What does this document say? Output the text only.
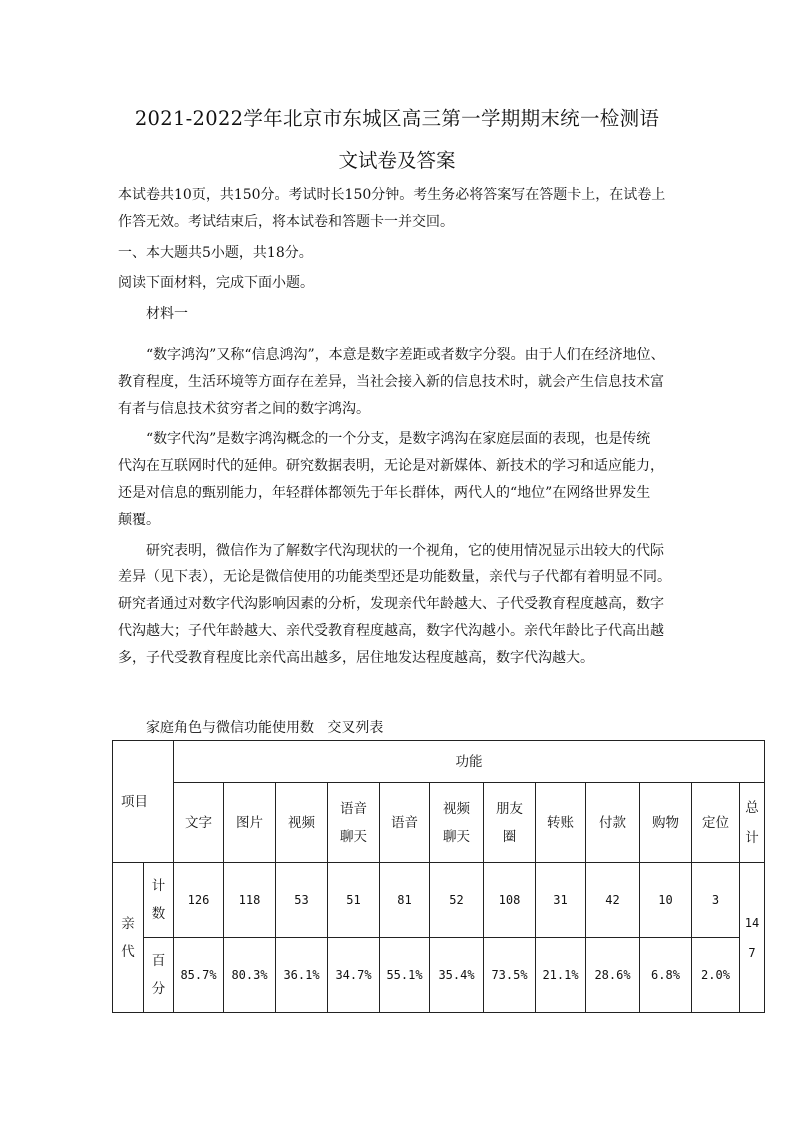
2021-2022学年北京市东城区高三第一学期期末统一检测语
文试卷及答案

本试卷共10页，共150分。考试时长150分钟。考生务必将答案写在答题卡上，在试卷上

作答无效。考试结束后，将本试卷和答题卡一并交回。

一、本大题共5小题，共18分。

阅读下面材料，完成下面小题。

材料一

“数字鸿沟”又称“信息鸿沟”，本意是数字差距或者数字分裂。由于人们在经济地位、

教育程度，生活环境等方面存在差异，当社会接入新的信息技术时，就会产生信息技术富

有者与信息技术贫穷者之间的数字鸿沟。

“数字代沟”是数字鸿沟概念的一个分支，是数字鸿沟在家庭层面的表现，也是传统

代沟在互联网时代的延伸。研究数据表明，无论是对新媒体、新技术的学习和适应能力，

还是对信息的甄别能力，年轻群体都领先于年长群体，两代人的“地位”在网络世界发生

颠覆。

研究表明，微信作为了解数字代沟现状的一个视角，它的使用情况显示出较大的代际

差异（见下表），无论是微信使用的功能类型还是功能数量，亲代与子代都有着明显不同。

研究者通过对数字代沟影响因素的分析，发现亲代年龄越大、子代受教育程度越高，数字

代沟越大；子代年龄越大、亲代受教育程度越高，数字代沟越小。亲代年龄比子代高出越

多，子代受教育程度比亲代高出越多，居住地发达程度越高，数字代沟越大。

家庭角色与微信功能使用数   交叉列表
项目		功能											
		文字	图片	视频	语音聊天	语音	视频聊天	朋友圈	转账	付款	购物	定位	总计
亲代	计数	126	118	53	51	81	52	108	31	42	10	3	147
	百分	85.7%	80.3%	36.1%	34.7%	55.1%	35.4%	73.5%	21.1%	28.6%	6.8%	2.0%	
